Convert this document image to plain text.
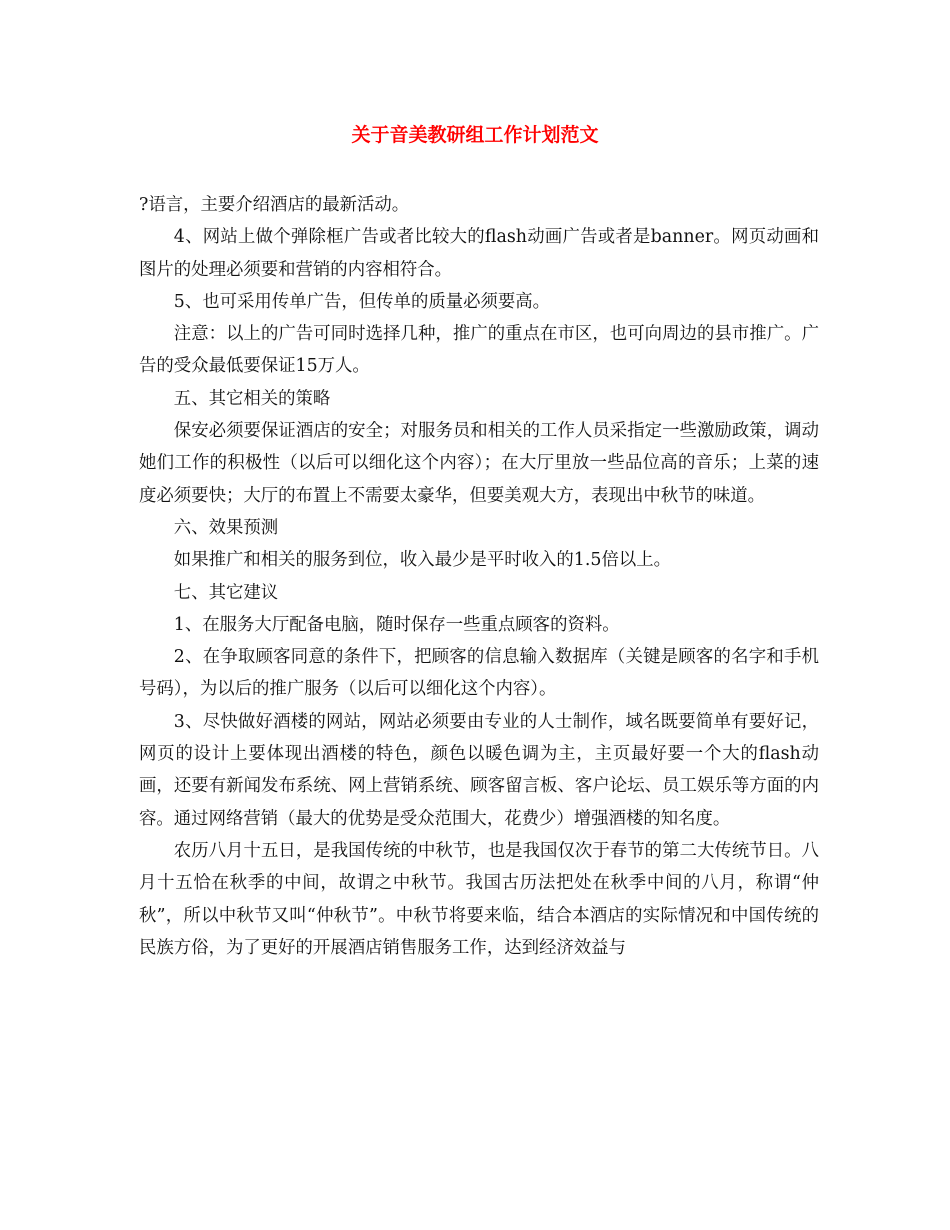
关于音美教研组工作计划范文

?语言，主要介绍酒店的最新活动。

4、网站上做个弹除框广告或者比较大的flash动画广告或者是banner。网页动画和图片的处理必须要和营销的内容相符合。

5、也可采用传单广告，但传单的质量必须要高。

注意：以上的广告可同时选择几种，推广的重点在市区，也可向周边的县市推广。广告的受众最低要保证15万人。

五、其它相关的策略

保安必须要保证酒店的安全；对服务员和相关的工作人员采指定一些激励政策，调动她们工作的积极性（以后可以细化这个内容）；在大厅里放一些品位高的音乐；上菜的速度必须要快；大厅的布置上不需要太豪华，但要美观大方，表现出中秋节的味道。

六、效果预测

如果推广和相关的服务到位，收入最少是平时收入的1.5倍以上。

七、其它建议

1、在服务大厅配备电脑，随时保存一些重点顾客的资料。

2、在争取顾客同意的条件下，把顾客的信息输入数据库（关键是顾客的名字和手机号码），为以后的推广服务（以后可以细化这个内容）。

3、尽快做好酒楼的网站，网站必须要由专业的人士制作，域名既要简单有要好记，网页的设计上要体现出酒楼的特色，颜色以暖色调为主，主页最好要一个大的flash动画，还要有新闻发布系统、网上营销系统、顾客留言板、客户论坛、员工娱乐等方面的内容。通过网络营销（最大的优势是受众范围大，花费少）增强酒楼的知名度。

农历八月十五日，是我国传统的中秋节，也是我国仅次于春节的第二大传统节日。八月十五恰在秋季的中间，故谓之中秋节。我国古历法把处在秋季中间的八月，称谓“仲秋”，所以中秋节又叫“仲秋节”。中秋节将要来临，结合本酒店的实际情况和中国传统的民族方俗，为了更好的开展酒店销售服务工作，达到经济效益与
